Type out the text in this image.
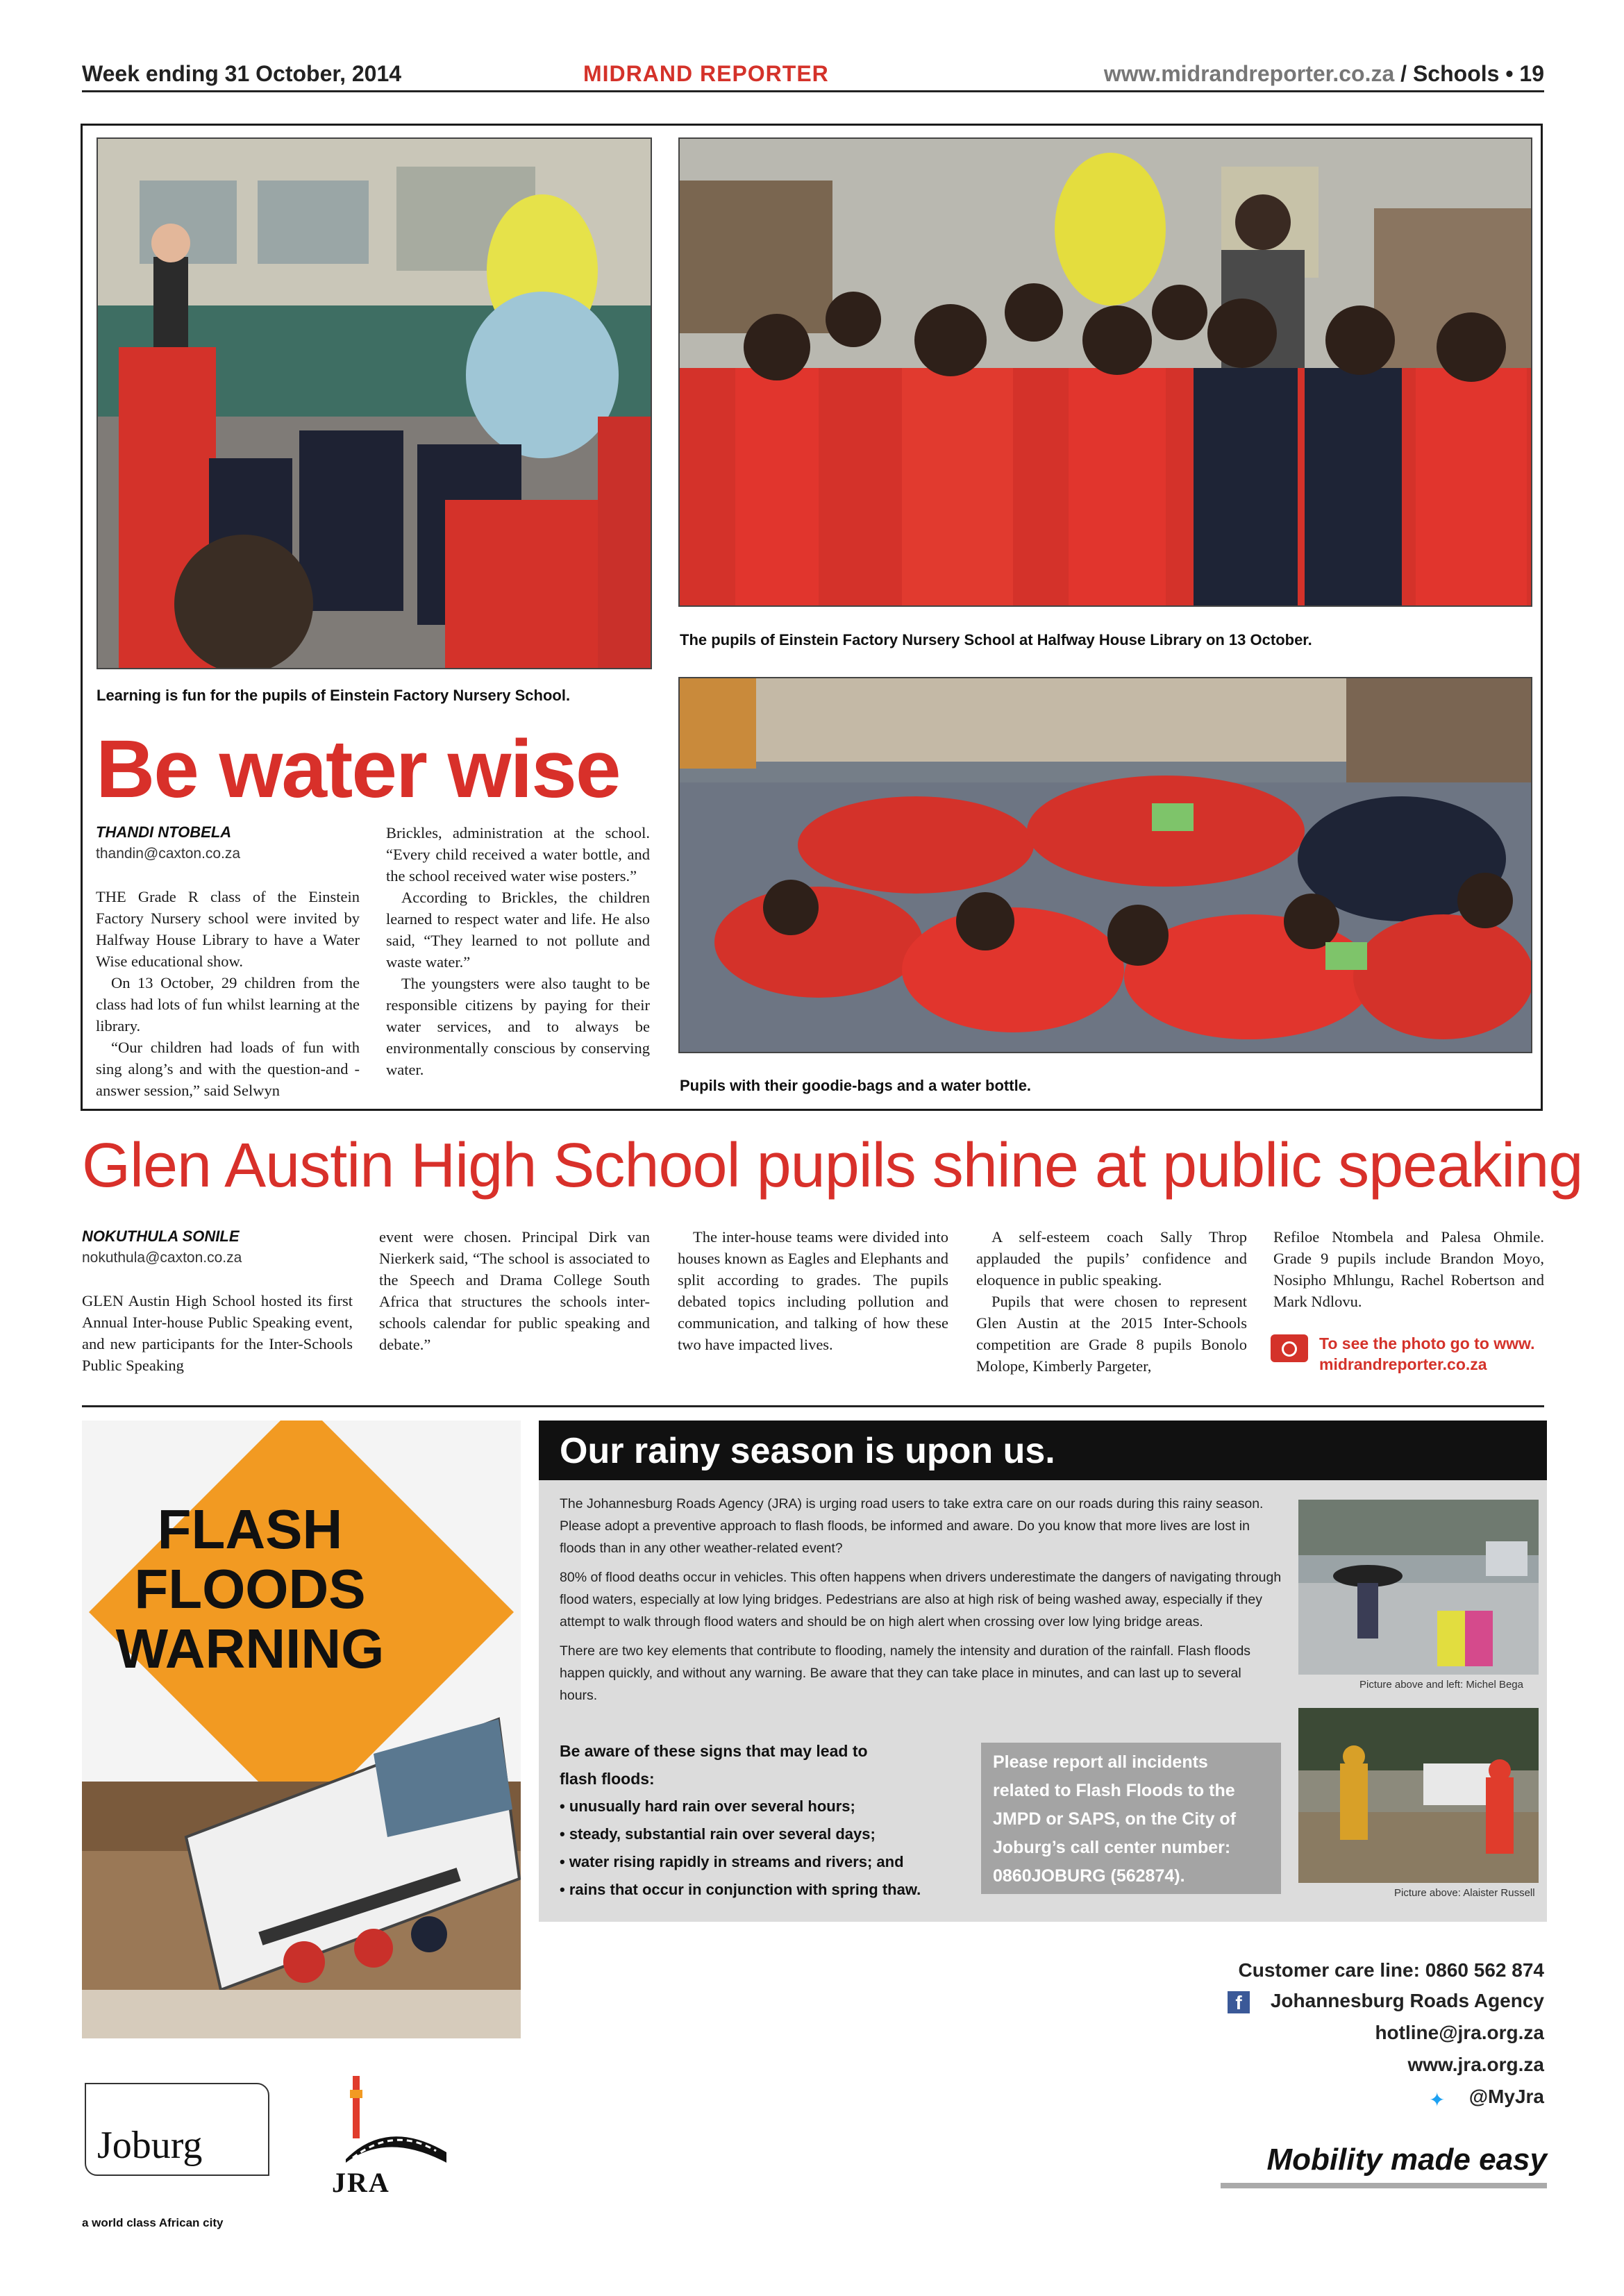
Week ending 31 October, 2014	MIDRAND REPORTER	www.midrandreporter.co.za / Schools • 19
The pupils of Einstein Factory Nursery School at Halfway House Library on 13 October.
Learning is fun for the pupils of Einstein Factory Nursery School.
Pupils with their goodie-bags and a water bottle.
Be water wise
THANDI NTOBELA
thandin@caxton.co.za

THE Grade R class of the Einstein Factory Nursery school were invited by Halfway House Library to have a Water Wise educational show.

On 13 October, 29 children from the class had lots of fun whilst learning at the library.

“Our children had loads of fun with sing along’s and with the question-and -answer session,” said Selwyn

Brickles, administration at the school. “Every child received a water bottle, and the school received water wise posters.”

According to Brickles, the children learned to respect water and life. He also said, “They learned to not pollute and waste water.”

The youngsters were also taught to be responsible citizens by paying for their water services, and to always be environmentally conscious by conserving water.

Glen Austin High School pupils shine at public speaking
NOKUTHULA SONILE
nokuthula@caxton.co.za

GLEN Austin High School hosted its first Annual Inter-house Public Speaking event, and new participants for the Inter-Schools Public Speaking

event were chosen. Principal Dirk van Nierkerk said, “The school is associated to the Speech and Drama College South Africa that structures the schools inter-schools calendar for public speaking and debate.”

The inter-house teams were divided into houses known as Eagles and Elephants and split according to grades. The pupils debated topics including pollution and communication, and talking of how these two have impacted lives.

A self-esteem coach Sally Throp applauded the pupils’ confidence and eloquence in public speaking.

Pupils that were chosen to represent Glen Austin at the 2015 Inter-Schools competition are Grade 8 pupils Bonolo Molope, Kimberly Pargeter,

Refiloe Ntombela and Palesa Ohmile. Grade 9 pupils include Brandon Moyo, Nosipho Mhlungu, Rachel Robertson and Mark Ndlovu.

To see the photo go to www.
midrandreporter.co.za
FLASH
FLOODS
WARNING
Our rainy season is upon us.

The Johannesburg Roads Agency (JRA) is urging road users to take extra care on our roads during this rainy season. Please adopt a preventive approach to flash floods, be informed and aware. Do you know that more lives are lost in floods than in any other weather-related event?

80% of flood deaths occur in vehicles. This often happens when drivers underestimate the dangers of navigating through flood waters, especially at low lying bridges. Pedestrians are also at high risk of being washed away, especially if they attempt to walk through flood waters and should be on high alert when crossing over low lying bridge areas.

There are two key elements that contribute to flooding, namely the intensity and duration of the rainfall. Flash floods happen quickly, and without any warning. Be aware that they can take place in minutes, and can last up to several hours.

Picture above and left: Michel Bega
Picture above: Alaister Russell
Be aware of these signs that may lead to
flash floods:
• unusually hard rain over several hours;
• steady, substantial rain over several days;
• water rising rapidly in streams and rivers; and
• rains that occur in conjunction with spring thaw.
Please report all incidents
related to Flash Floods to the
JMPD or SAPS, on the City of
Joburg’s call center number:
0860JOBURG (562874).
Customer care line: 0860 562 874
f	Johannesburg Roads Agency
hotline@jra.org.za
www.jra.org.za
✦ @MyJra
Mobility made easy
Joburg
a world class African city
JRA
